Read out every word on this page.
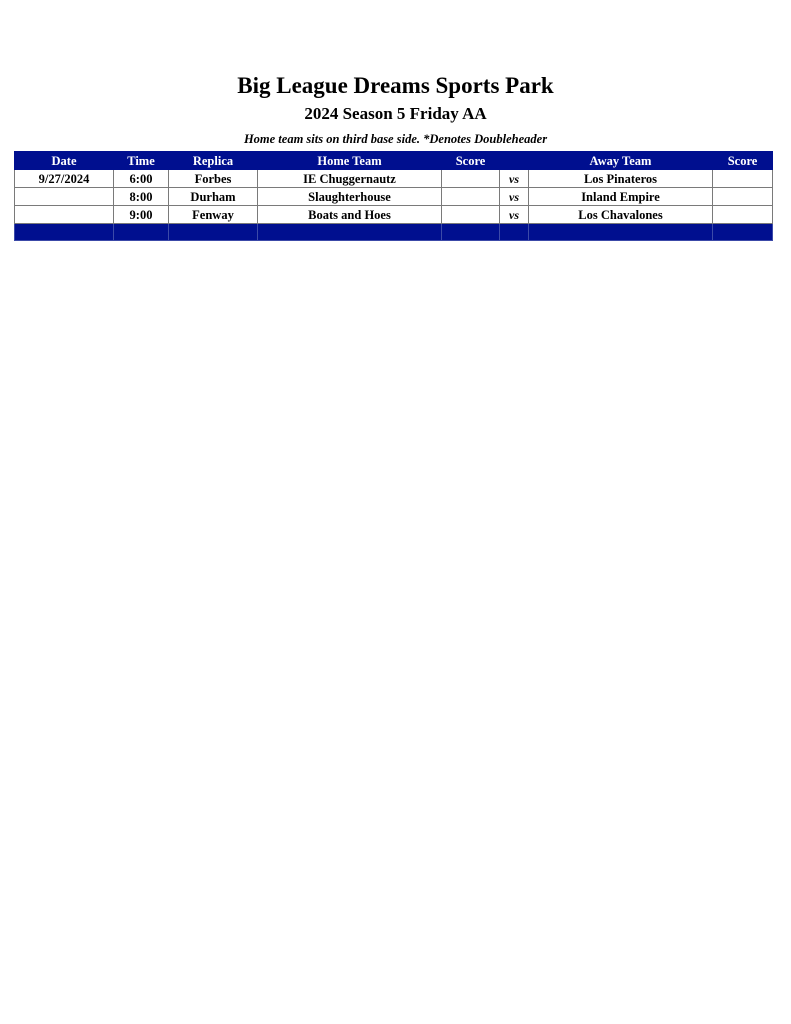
Big League Dreams Sports Park
2024 Season 5 Friday AA
Home team sits on third base side. *Denotes Doubleheader
Date	Time	Replica	Home Team	Score		Away Team	Score
9/27/2024	6:00	Forbes	IE Chuggernautz		vs	Los Pinateros	
	8:00	Durham	Slaughterhouse		vs	Inland Empire	
	9:00	Fenway	Boats and Hoes		vs	Los Chavalones	
